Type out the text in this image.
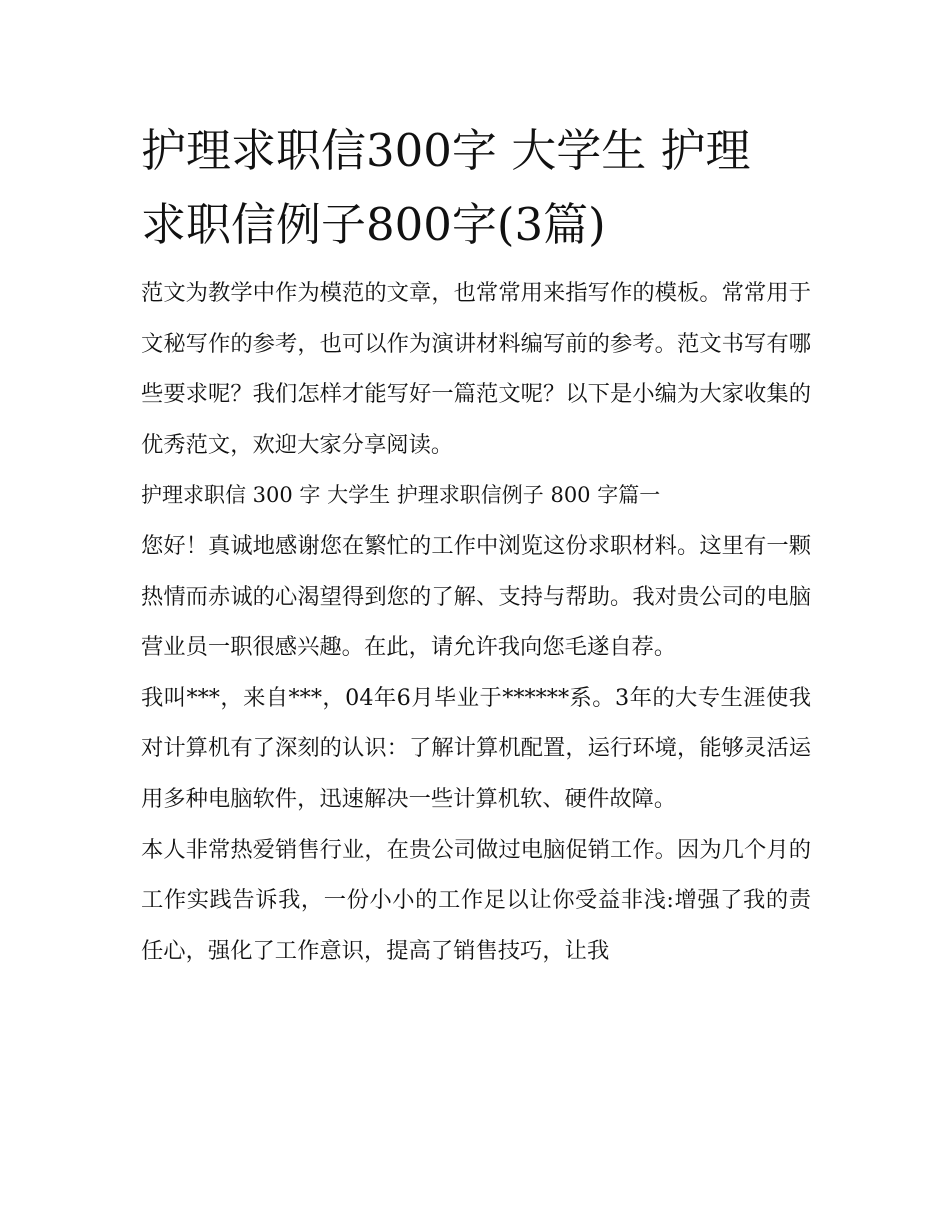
护理求职信300字 大学生 护理
求职信例子800字(3篇)

范文为教学中作为模范的文章，也常常用来指写作的模板。常常用于文秘写作的参考，也可以作为演讲材料编写前的参考。范文书写有哪些要求呢？我们怎样才能写好一篇范文呢？以下是小编为大家收集的优秀范文，欢迎大家分享阅读。

护理求职信 300 字 大学生 护理求职信例子 800 字篇一

您好！真诚地感谢您在繁忙的工作中浏览这份求职材料。这里有一颗热情而赤诚的心渴望得到您的了解、支持与帮助。我对贵公司的电脑营业员一职很感兴趣。在此，请允许我向您毛遂自荐。

我叫***，来自***，04年6月毕业于******系。3年的大专生涯使我对计算机有了深刻的认识：了解计算机配置，运行环境，能够灵活运用多种电脑软件，迅速解决一些计算机软、硬件故障。

本人非常热爱销售行业，在贵公司做过电脑促销工作。因为几个月的工作实践告诉我，一份小小的工作足以让你受益非浅:增强了我的责任心，强化了工作意识，提高了销售技巧，让我
